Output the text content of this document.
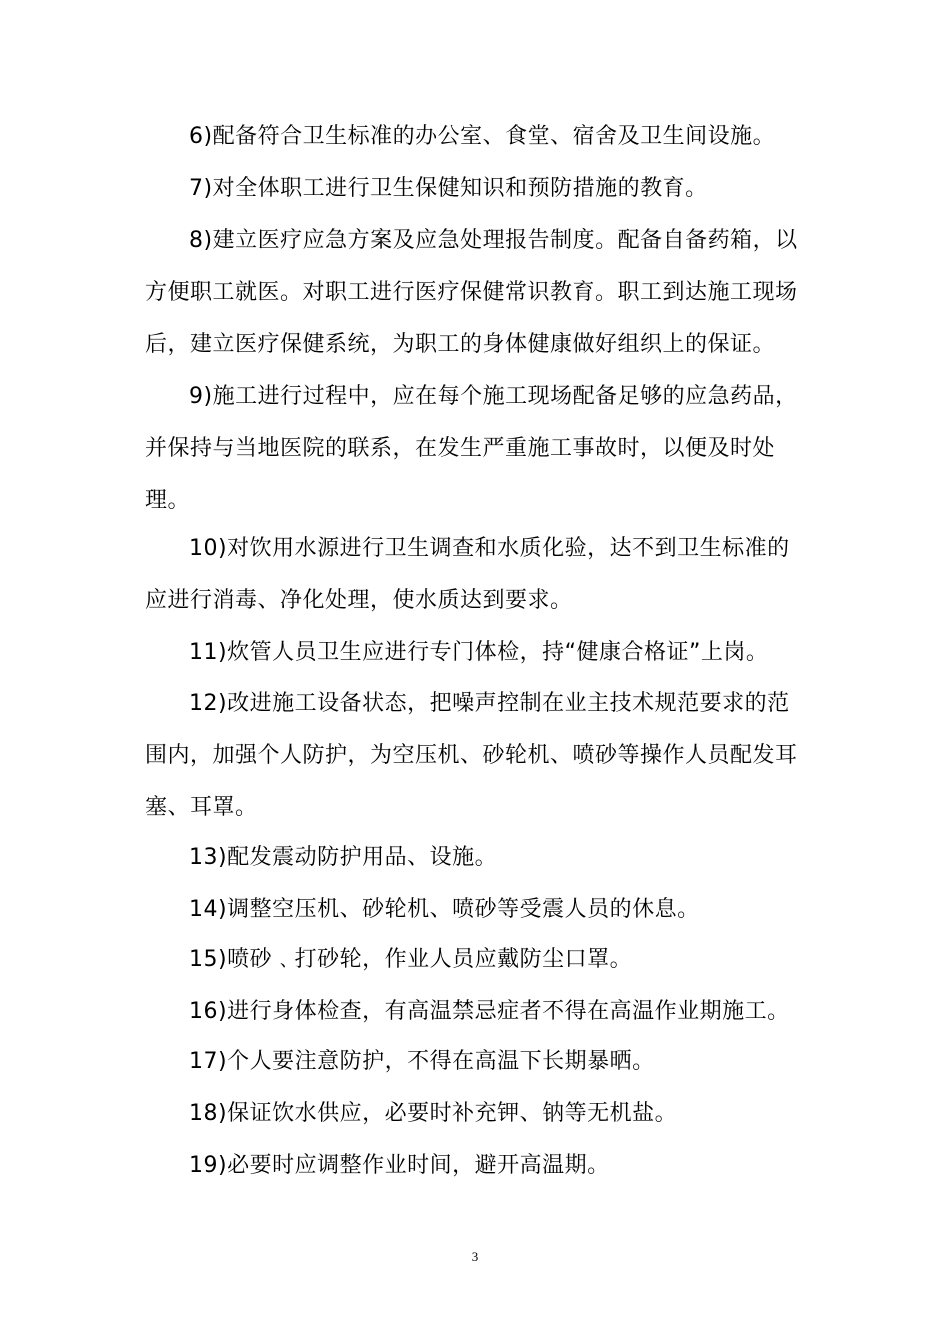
6)配备符合卫生标准的办公室、食堂、宿舍及卫生间设施。

7)对全体职工进行卫生保健知识和预防措施的教育。

8)建立医疗应急方案及应急处理报告制度。配备自备药箱，以方便职工就医。对职工进行医疗保健常识教育。职工到达施工现场后，建立医疗保健系统，为职工的身体健康做好组织上的保证。

9)施工进行过程中，应在每个施工现场配备足够的应急药品，并保持与当地医院的联系，在发生严重施工事故时，以便及时处理。

10)对饮用水源进行卫生调查和水质化验，达不到卫生标准的应进行消毒、净化处理，使水质达到要求。

11)炊管人员卫生应进行专门体检，持“健康合格证”上岗。

12)改进施工设备状态，把噪声控制在业主技术规范要求的范围内，加强个人防护，为空压机、砂轮机、喷砂等操作人员配发耳塞、耳罩。

13)配发震动防护用品、设施。

14)调整空压机、砂轮机、喷砂等受震人员的休息。

15)喷砂﹑打砂轮，作业人员应戴防尘口罩。

16)进行身体检查，有高温禁忌症者不得在高温作业期施工。

17)个人要注意防护，不得在高温下长期暴晒。

18)保证饮水供应，必要时补充钾、钠等无机盐。

19)必要时应调整作业时间，避开高温期。

3
